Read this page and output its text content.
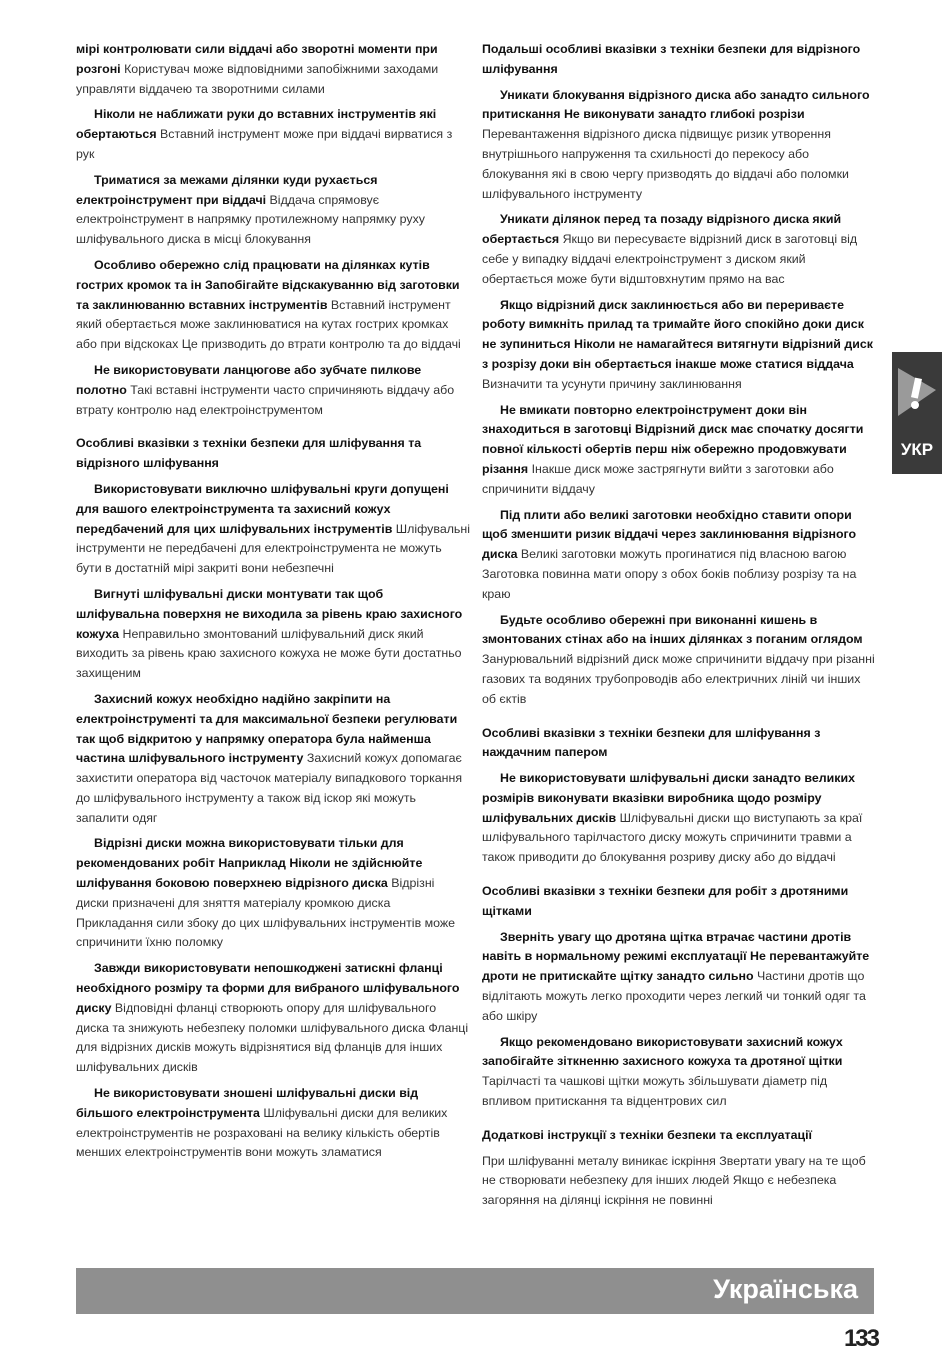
мірі контролювати сили віддачі або зворотні моменти при розгоні Користувач може відповідними запобіжними заходами управляти віддачею та зворотними силами
Ніколи не наближати руки до вставних інструментів які обертаються Вставний інструмент може при віддачі вирватися з рук
Триматися за межами ділянки куди рухається електроінструмент при віддачі Віддача спрямовує електроінструмент в напрямку протилежному напрямку руху шліфувального диска в місці блокування
Особливо обережно слід працювати на ділянках кутів гострих кромок та ін Запобігайте відскакуванню від заготовки та заклинюванню вставних інструментів Вставний інструмент який обертається може заклинюватися на кутах гострих кромках або при відскоках Це призводить до втрати контролю та до віддачі
Не використовувати ланцюгове або зубчате пилкове полотно Такі вставні інструменти часто спричиняють віддачу або втрату контролю над електроінструментом
Особливі вказівки з техніки безпеки для шліфування та відрізного шліфування
Використовувати виключно шліфувальні круги допущені для вашого електроінструмента та захисний кожух передбачений для цих шліфувальних інструментів Шліфувальні інструменти не передбачені для електроінструмента не можуть бути в достатній мірі закриті вони небезпечні
Вигнуті шліфувальні диски монтувати так щоб шліфувальна поверхня не виходила за рівень краю захисного кожуха Неправильно змонтований шліфувальний диск який виходить за рівень краю захисного кожуха не може бути достатньо захищеним
Захисний кожух необхідно надійно закріпити на електроінструменті та для максимальної безпеки регулювати так щоб відкритою у напрямку оператора була найменша частина шліфувального інструменту Захисний кожух допомагає захистити оператора від часточок матеріалу випадкового торкання до шліфувального інструменту а також від іскор які можуть запалити одяг
Відрізні диски можна використовувати тільки для рекомендованих робіт Наприклад Ніколи не здійснюйте шліфування боковою поверхнею відрізного диска Відрізні диски призначені для зняття матеріалу кромкою диска Прикладання сили збоку до цих шліфувальних інструментів може спричинити їхню поломку
Завжди використовувати непошкоджені затискні фланці необхідного розміру та форми для вибраного шліфувального диску Відповідні фланці створюють опору для шліфувального диска та знижують небезпеку поломки шліфувального диска Фланці для відрізних дисків можуть відрізнятися від фланців для інших шліфувальних дисків
Не використовувати зношені шліфувальні диски від більшого електроінструмента Шліфувальні диски для великих електроінструментів не розраховані на велику кількість обертів менших електроінструментів вони можуть зламатися
Подальші особливі вказівки з техніки безпеки для відрізного шліфування
Уникати блокування відрізного диска або занадто сильного притискання Не виконувати занадто глибокі розрізи Перевантаження відрізного диска підвищує ризик утворення внутрішнього напруження та схильності до перекосу або блокування які в свою чергу призводять до віддачі або поломки шліфувального інструменту
Уникати ділянок перед та позаду відрізного диска який обертається Якщо ви пересуваєте відрізний диск в заготовці від себе у випадку віддачі електроінструмент з диском який обертається може бути відштовхнутим прямо на вас
Якщо відрізний диск заклинюється або ви перериваєте роботу вимкніть прилад та тримайте його спокійно доки диск не зупиниться Ніколи не намагайтеся витягнути відрізний диск з розрізу доки він обертається інакше може статися віддача Визначити та усунути причину заклинювання
Не вмикати повторно електроінструмент доки він знаходиться в заготовці Відрізний диск має спочатку досягти повної кількості обертів перш ніж обережно продовжувати різання Інакше диск може застрягнути вийти з заготовки або спричинити віддачу
Під плити або великі заготовки необхідно ставити опори щоб зменшити ризик віддачі через заклинювання відрізного диска Великі заготовки можуть прогинатися під власною вагою Заготовка повинна мати опору з обох боків поблизу розрізу та на краю
Будьте особливо обережні при виконанні кишень в змонтованих стінах або на інших ділянках з поганим оглядом Занурювальний відрізний диск може спричинити віддачу при різанні газових та водяних трубопроводів або електричних ліній чи інших об єктів
Особливі вказівки з техніки безпеки для шліфування з наждачним папером
Не використовувати шліфувальні диски занадто великих розмірів виконувати вказівки виробника щодо розміру шліфувальних дисків Шліфувальні диски що виступають за краї шліфувального тарілчастого диску можуть спричинити травми а також приводити до блокування розриву диску або до віддачі
Особливі вказівки з техніки безпеки для робіт з дротяними щітками
Зверніть увагу що дротяна щітка втрачає частини дротів навіть в нормальному режимі експлуатації Не перевантажуйте дроти не притискайте щітку занадто сильно Частини дротів що відлітають можуть легко проходити через легкий чи тонкий одяг та або шкіру
Якщо рекомендовано використовувати захисний кожух запобігайте зіткненню захисного кожуха та дротяної щітки Тарілчасті та чашкові щітки можуть збільшувати діаметр під впливом притискання та відцентрових сил
Додаткові інструкції з техніки безпеки та експлуатації
При шліфуванні металу виникає іскріння Звертати увагу на те щоб не створювати небезпеку для інших людей Якщо є небезпека загоряння на ділянці іскріння не повинні
УКР
Українська
133
